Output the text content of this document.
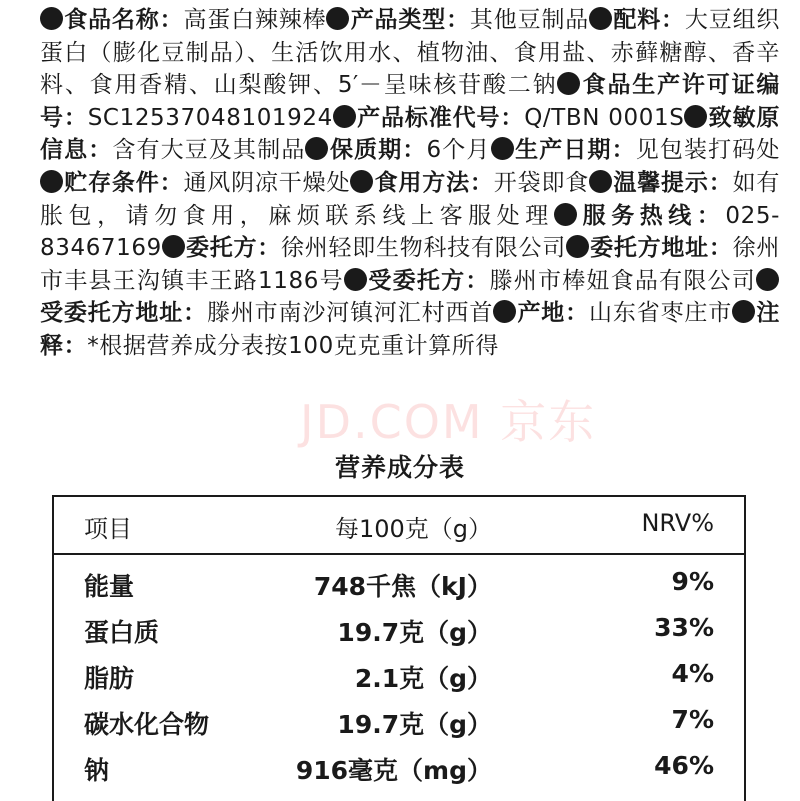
食品名称：高蛋白辣辣棒 产品类型：其他豆制品 配料：大豆组织蛋白（膨化豆制品）、生活饮用水、植物油、食用盐、赤藓糖醇、香辛料、食用香精、山梨酸钾、5′－呈味核苷酸二钠 食品生产许可证编号：SC12537048101924 产品标准代号：Q/TBN 0001S 致敏原信息：含有大豆及其制品 保质期：6个月 生产日期：见包装打码处贮存条件：通风阴凉干燥处 食用方法：开袋即食 温馨提示：如有胀包，请勿食用，麻烦联系线上客服处理 服务热线：025-83467169 委托方：徐州轻即生物科技有限公司 委托方地址：徐州市丰县王沟镇丰王路1186号 受委托方：滕州市棒妞食品有限公司受委托方地址：滕州市南沙河镇河汇村西首 产地：山东省枣庄市 注释：*根据营养成分表按100克克重计算所得
JD.COM 京东
营养成分表
项目	每100克（g）	NRV%
能量	748千焦（kJ）	9%
蛋白质	19.7克（g）	33%
脂肪	2.1克（g）	4%
碳水化合物	19.7克（g）	7%
钠	916毫克（mg）	46%
